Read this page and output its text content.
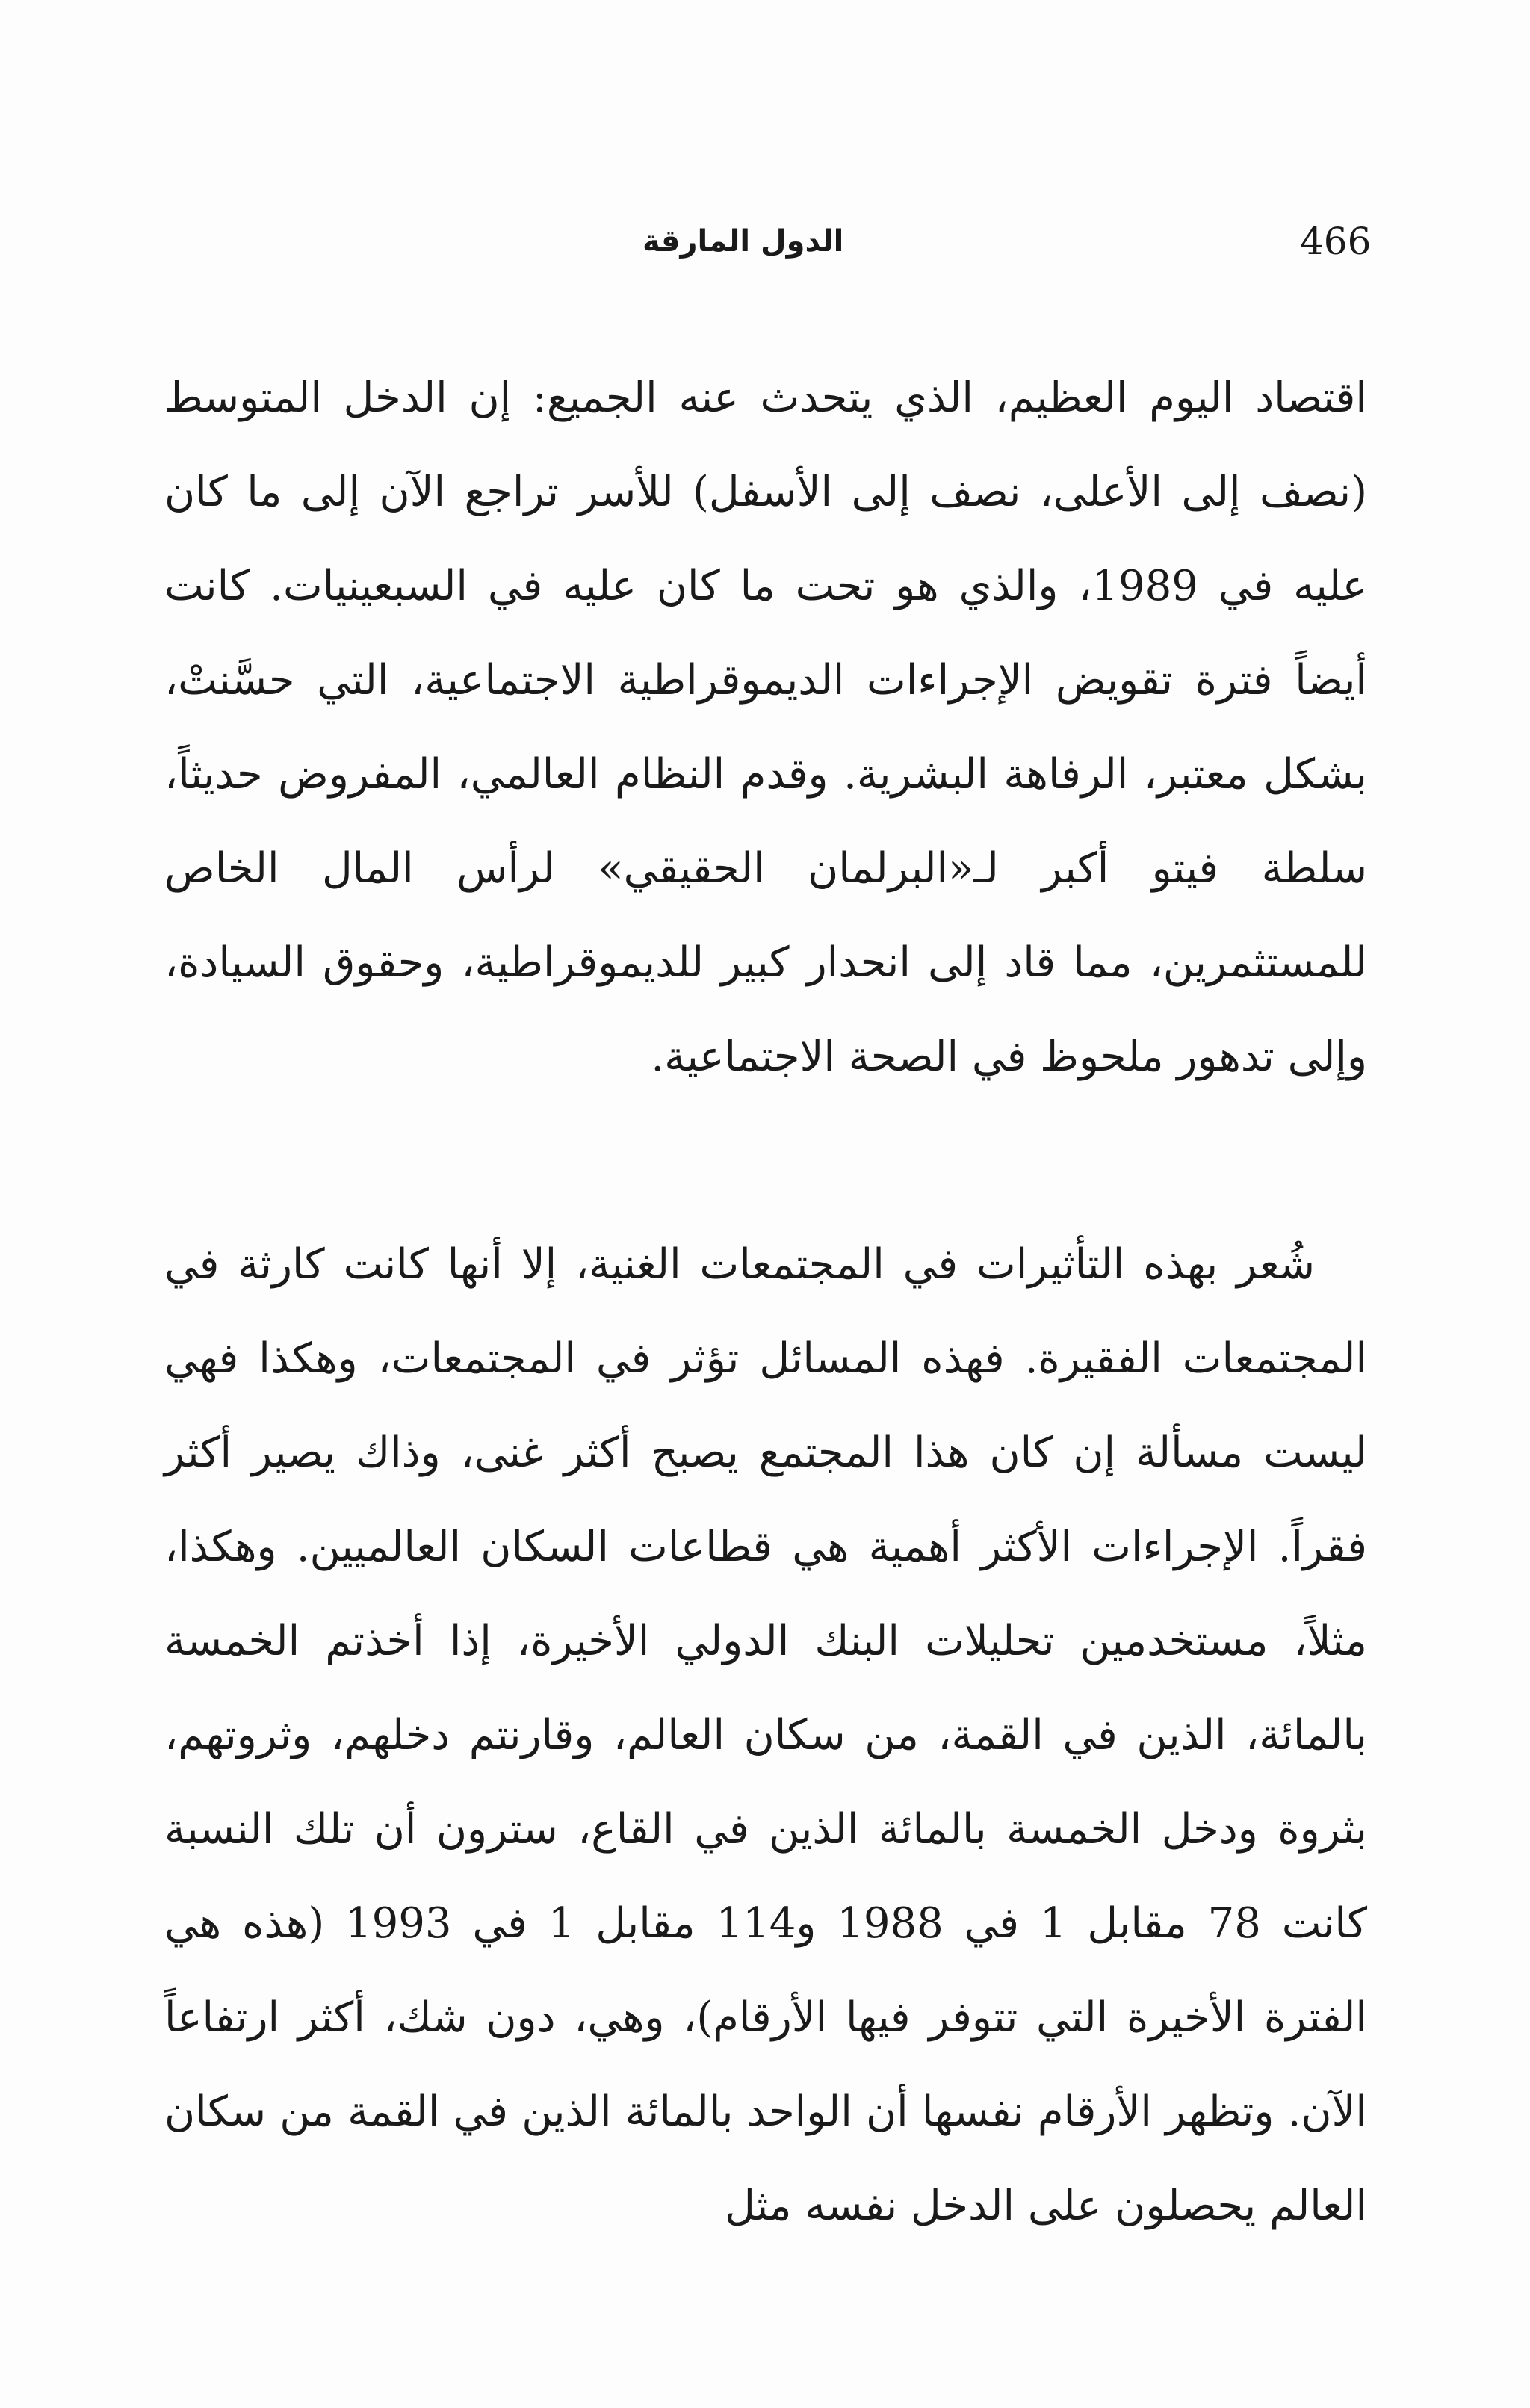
الدول المارقة	466

اقتصاد اليوم العظيم، الذي يتحدث عنه الجميع: إن الدخل المتوسط (نصف إلى الأعلى، نصف إلى الأسفل) للأسر تراجع الآن إلى ما كان عليه في 1989، والذي هو تحت ما كان عليه في السبعينيات. كانت أيضاً فترة تقويض الإجراءات الديموقراطية الاجتماعية، التي حسَّنتْ، بشكل معتبر، الرفاهة البشرية. وقدم النظام العالمي، المفروض حديثاً، سلطة فيتو أكبر لـ«البرلمان الحقيقي» لرأس المال الخاص للمستثمرين، مما قاد إلى انحدار كبير للديموقراطية، وحقوق السيادة، وإلى تدهور ملحوظ في الصحة الاجتماعية.

شُعر بهذه التأثيرات في المجتمعات الغنية، إلا أنها كانت كارثة في المجتمعات الفقيرة. فهذه المسائل تؤثر في المجتمعات، وهكذا فهي ليست مسألة إن كان هذا المجتمع يصبح أكثر غنى، وذاك يصير أكثر فقراً. الإجراءات الأكثر أهمية هي قطاعات السكان العالميين. وهكذا، مثلاً، مستخدمين تحليلات البنك الدولي الأخيرة، إذا أخذتم الخمسة بالمائة، الذين في القمة، من سكان العالم، وقارنتم دخلهم، وثروتهم، بثروة ودخل الخمسة بالمائة الذين في القاع، سترون أن تلك النسبة كانت 78 مقابل 1 في 1988 و114 مقابل 1 في 1993 (هذه هي الفترة الأخيرة التي تتوفر فيها الأرقام)، وهي، دون شك، أكثر ارتفاعاً الآن. وتظهر الأرقام نفسها أن الواحد بالمائة الذين في القمة من سكان العالم يحصلون على الدخل نفسه مثل
